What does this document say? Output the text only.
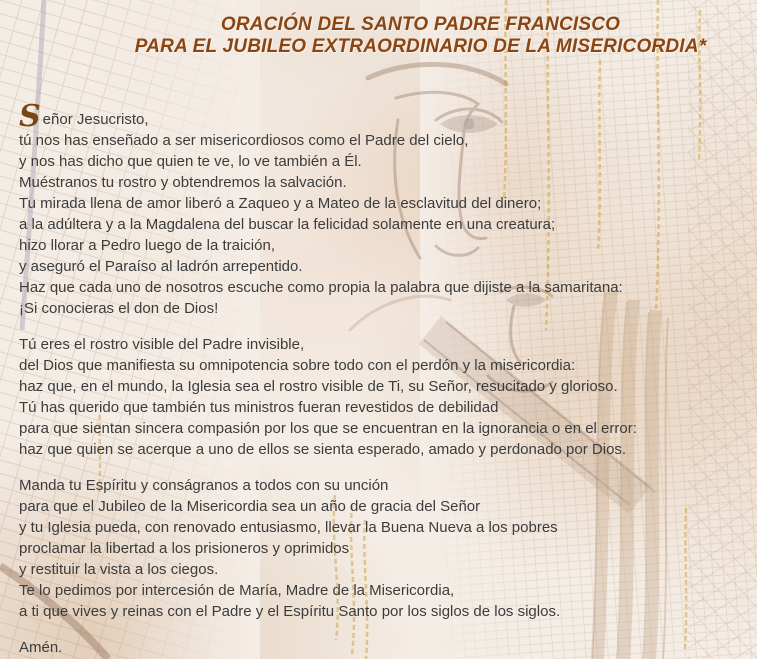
ORACIÓN DEL SANTO PADRE FRANCISCO
PARA EL JUBILEO EXTRAORDINARIO DE LA MISERICORDIA*
Señor Jesucristo,
tú nos has enseñado a ser misericordiosos como el Padre del cielo,
y nos has dicho que quien te ve, lo ve también a Él.
Muéstranos tu rostro y obtendremos la salvación.
Tu mirada llena de amor liberó a Zaqueo y a Mateo de la esclavitud del dinero;
a la adúltera y a la Magdalena del buscar la felicidad solamente en una creatura;
hizo llorar a Pedro luego de la traición,
y aseguró el Paraíso al ladrón arrepentido.
Haz que cada uno de nosotros escuche como propia la palabra que dijiste a la samaritana:
¡Si conocieras el don de Dios!
Tú eres el rostro visible del Padre invisible,
del Dios que manifiesta su omnipotencia sobre todo con el perdón y la misericordia:
haz que, en el mundo, la Iglesia sea el rostro visible de Ti, su Señor, resucitado y glorioso.
Tú has querido que también tus ministros fueran revestidos de debilidad
para que sientan sincera compasión por los que se encuentran en la ignorancia o en el error:
haz que quien se acerque a uno de ellos se sienta esperado, amado y perdonado por Dios.
Manda tu Espíritu y conságranos a todos con su unción
para que el Jubileo de la Misericordia sea un año de gracia del Señor
y tu Iglesia pueda, con renovado entusiasmo, llevar la Buena Nueva a los pobres
proclamar la libertad a los prisioneros y oprimidos
y restituir la vista a los ciegos.
Te lo pedimos por intercesión de María, Madre de la Misericordia,
a ti que vives y reinas con el Padre y el Espíritu Santo por los siglos de los siglos.
Amén.
